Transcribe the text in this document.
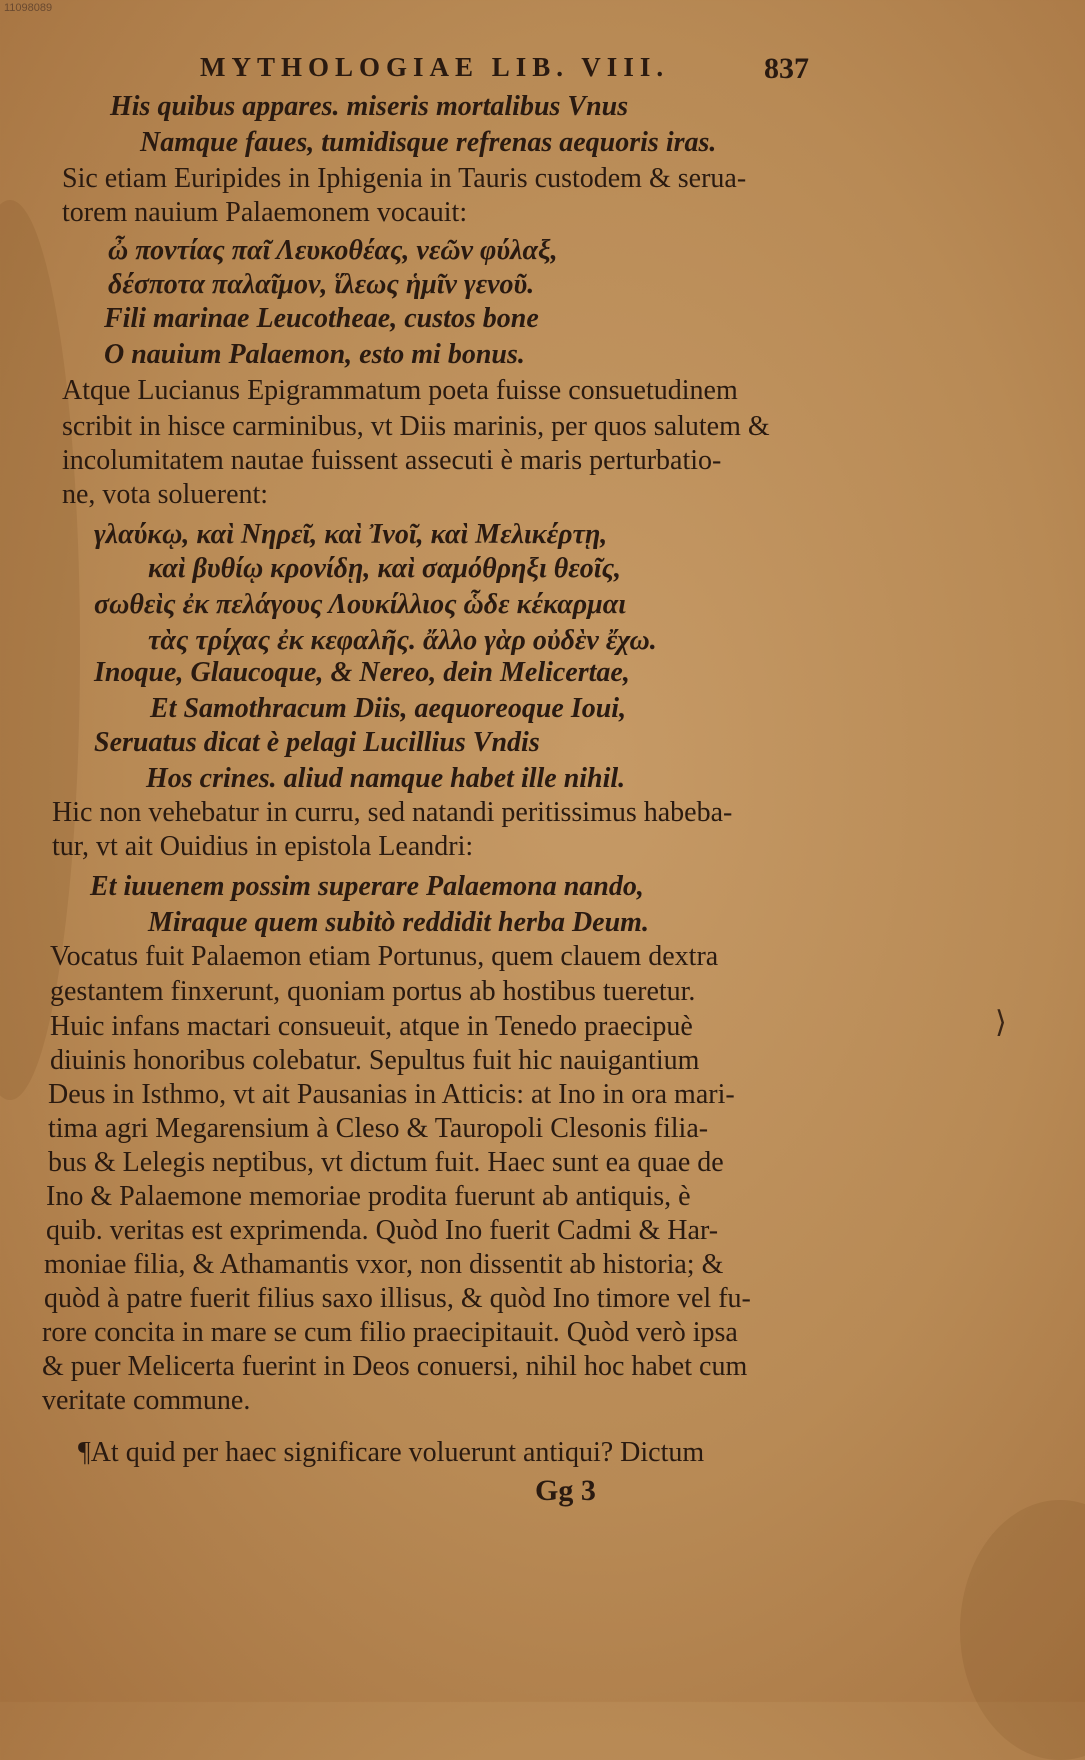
11098089
MYTHOLOGIAE LIB. VIII.	837
His quibus appares. miseris mortalibus Vnus
Namque faues, tumidisque refrenas aequoris iras.
Sic etiam Euripides in Iphigenia in Tauris custodem & serua-
torem nauium Palaemonem vocauit:
ὦ ποντίας παῖ Λευκοθέας, νεῶν φύλαξ,
δέσποτα παλαῖμον, ἵλεως ἡμῖν γενοῦ.
Fili marinae Leucotheae, custos bone
O nauium Palaemon, esto mi bonus.
Atque Lucianus Epigrammatum poeta fuisse consuetudinem
scribit in hisce carminibus, vt Diis marinis, per quos salutem &
incolumitatem nautae fuissent assecuti è maris perturbatio-
ne, vota soluerent:
γλαύκῳ, καὶ Νηρεῖ, καὶ Ἰνοῖ, καὶ Μελικέρτῃ,
καὶ βυθίῳ κρονίδῃ, καὶ σαμόθρηξι θεοῖς,
σωθεὶς ἐκ πελάγους Λουκίλλιος ὧδε κέκαρμαι
τὰς τρίχας ἐκ κεφαλῆς. ἄλλο γὰρ οὐδὲν ἔχω.
Inoque, Glaucoque, & Nereo, dein Melicertae,
Et Samothracum Diis, aequoreoque Ioui,
Seruatus dicat è pelagi Lucillius Vndis
Hos crines. aliud namque habet ille nihil.
Hic non vehebatur in curru, sed natandi peritissimus habeba-
tur, vt ait Ouidius in epistola Leandri:
Et iuuenem possim superare Palaemona nando,
Miraque quem subitò reddidit herba Deum.
Vocatus fuit Palaemon etiam Portunus, quem clauem dextra
gestantem finxerunt, quoniam portus ab hostibus tueretur.
Huic infans mactari consueuit, atque in Tenedo praecipuè
diuinis honoribus colebatur. Sepultus fuit hic nauigantium
Deus in Isthmo, vt ait Pausanias in Atticis: at Ino in ora mari-
tima agri Megarensium à Cleso & Tauropoli Clesonis filia-
bus & Lelegis neptibus, vt dictum fuit. Haec sunt ea quae de
Ino & Palaemone memoriae prodita fuerunt ab antiquis, è
quib. veritas est exprimenda. Quòd Ino fuerit Cadmi & Har-
moniae filia, & Athamantis vxor, non dissentit ab historia; &
quòd à patre fuerit filius saxo illisus, & quòd Ino timore vel fu-
rore concita in mare se cum filio praecipitauit. Quòd verò ipsa
& puer Melicerta fuerint in Deos conuersi, nihil hoc habet cum
veritate commune.
¶At quid per haec significare voluerunt antiqui? Dictum
⟩
Gg 3
